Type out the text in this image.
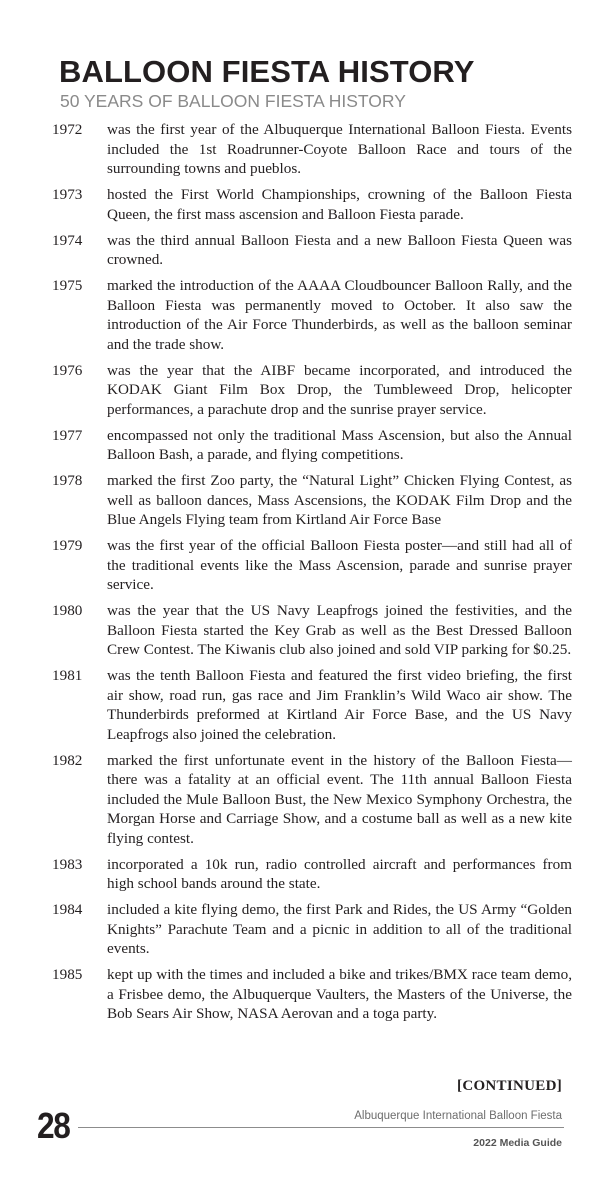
BALLOON FIESTA HISTORY
50 YEARS OF BALLOON FIESTA HISTORY
1972	was the first year of the Albuquerque International Balloon Fiesta. Events included the 1st Roadrunner-Coyote Balloon Race and tours of the surrounding towns and pueblos.
1973	hosted the First World Championships, crowning of the Balloon Fiesta Queen, the first mass ascension and Balloon Fiesta parade.
1974	was the third annual Balloon Fiesta and a new Balloon Fiesta Queen was crowned.
1975	marked the introduction of the AAAA Cloudbouncer Balloon Rally, and the Balloon Fiesta was permanently moved to October. It also saw the introduction of the Air Force Thunderbirds, as well as the balloon seminar and the trade show.
1976	was the year that the AIBF became incorporated, and introduced the KODAK Giant Film Box Drop, the Tumbleweed Drop, helicopter performances, a parachute drop and the sunrise prayer service.
1977	encompassed not only the traditional Mass Ascension, but also the Annual Balloon Bash, a parade, and flying competitions.
1978	marked the first Zoo party, the “Natural Light” Chicken Flying Contest, as well as balloon dances, Mass Ascensions, the KODAK Film Drop and the Blue Angels Flying team from Kirtland Air Force Base
1979	was the first year of the official Balloon Fiesta poster—and still had all of the traditional events like the Mass Ascension, parade and sunrise prayer service.
1980	was the year that the US Navy Leapfrogs joined the festivities, and the Balloon Fiesta started the Key Grab as well as the Best Dressed Balloon Crew Contest. The Kiwanis club also joined and sold VIP parking for $0.25.
1981	was the tenth Balloon Fiesta and featured the first video briefing, the first air show, road run, gas race and Jim Franklin’s Wild Waco air show. The Thunderbirds preformed at Kirtland Air Force Base, and the US Navy Leapfrogs also joined the celebration.
1982	marked the first unfortunate event in the history of the Balloon Fiesta—there was a fatality at an official event. The 11th annual Balloon Fiesta included the Mule Balloon Bust, the New Mexico Symphony Orchestra, the Morgan Horse and Carriage Show, and a costume ball as well as a new kite flying contest.
1983	incorporated a 10k run, radio controlled aircraft and performances from high school bands around the state.
1984	included a kite flying demo, the first Park and Rides, the US Army “Golden Knights” Parachute Team and a picnic in addition to all of the traditional events.
1985	kept up with the times and included a bike and trikes/BMX race team demo, a Frisbee demo, the Albuquerque Vaulters, the Masters of the Universe, the Bob Sears Air Show, NASA Aerovan and a toga party.
[CONTINUED]
28	Albuquerque International Balloon Fiesta
2022 Media Guide
